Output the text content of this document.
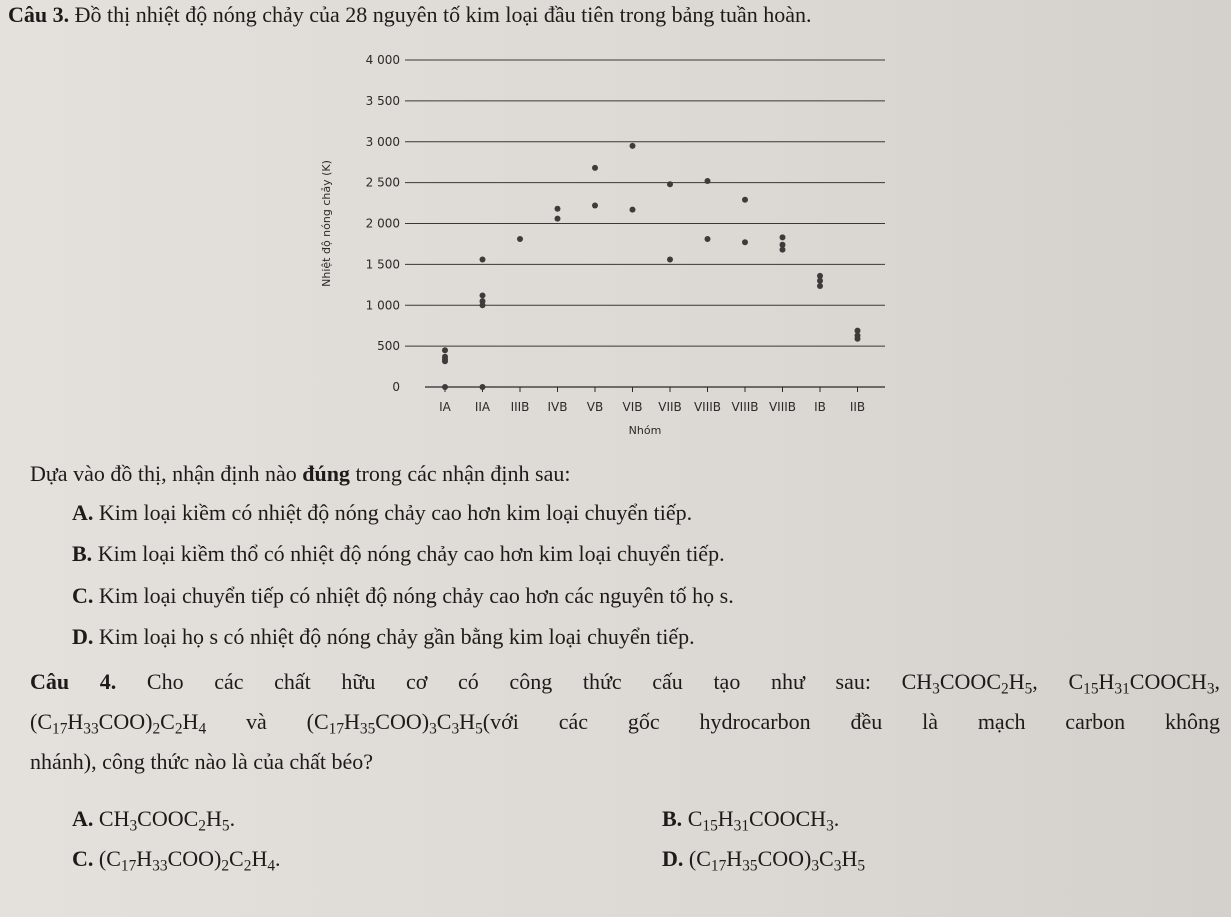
Câu 3. Đồ thị nhiệt độ nóng chảy của 28 nguyên tố kim loại đầu tiên trong bảng tuần hoàn.
0
500
1 000
1 500
2 000
2 500
3 000
3 500
4 000
IA IIA IIIB IVB VB VIB VIIB VIIIB VIIIB VIIIB IB IIB
Nhóm
Nhiệt độ nóng chảy (K)
Dựa vào đồ thị, nhận định nào đúng trong các nhận định sau:
A. Kim loại kiềm có nhiệt độ nóng chảy cao hơn kim loại chuyển tiếp.
B. Kim loại kiềm thổ có nhiệt độ nóng chảy cao hơn kim loại chuyển tiếp.
C. Kim loại chuyển tiếp có nhiệt độ nóng chảy cao hơn các nguyên tố họ s.
D. Kim loại họ s có nhiệt độ nóng chảy gần bằng kim loại chuyển tiếp.
Câu 4. Cho các chất hữu cơ có công thức cấu tạo như sau: $CH_3COOC_2H_5$, $C_{15}H_{31}COOCH_3$,
$(C_{17}H_{33}COO)_2C_2H_4$ và $(C_{17}H_{35}COO)_3C_3H_5(với$ các gốc hydrocarbon đều là mạch carbon không
nhánh), công thức nào là của chất béo?
A. $CH_3COOC_2H_5$.	B. $C_{15}H_{31}COOCH_3$.
C. $(C_{17}H_{33}COO)_2C_2H_4$.	D. $(C_{17}H_{35}COO)_3C_3H_5$
